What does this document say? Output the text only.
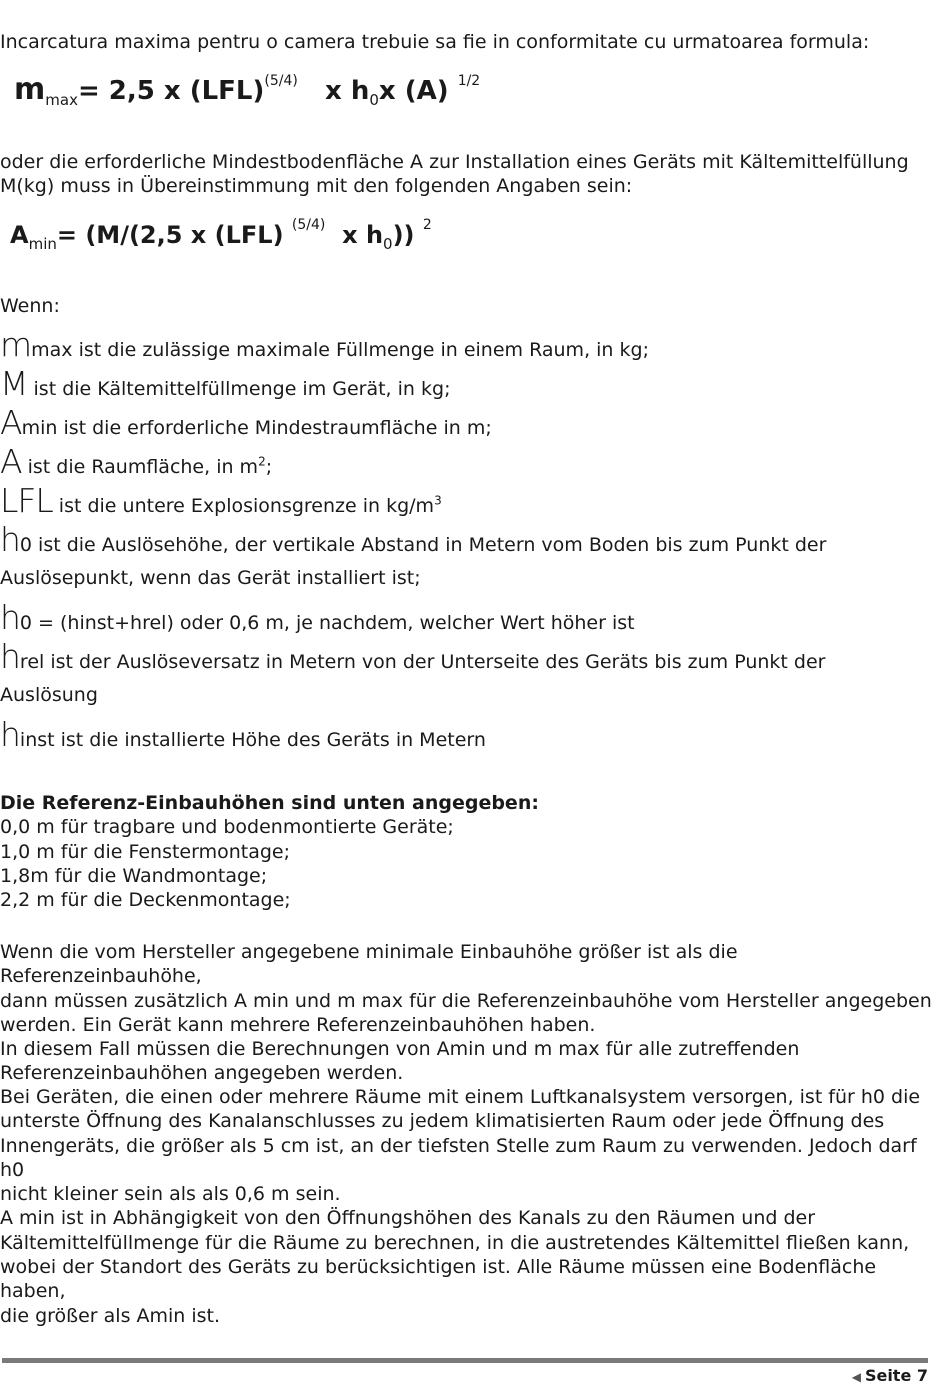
Incarcatura maxima pentru o camera trebuie sa fie in conformitate cu urmatoarea formula:
$m_{max}= 2,5$ x (LFL)$^{(5/4)}$ x $h_0x$ (A) $^{1/2}$
oder die erforderliche Mindestbodenfläche A zur Installation eines Geräts mit Kältemittelfüllung
M(kg) muss in Übereinstimmung mit den folgenden Angaben sein:
$A_{min}= (M/(2,5$ x (LFL) $^{(5/4)}$ x $h_0$)) $^2$
Wenn:
mmax ist die zulässige maximale Füllmenge in einem Raum, in kg;
M ist die Kältemittelfüllmenge im Gerät, in kg;
Amin ist die erforderliche Mindestraumfläche in m;
A ist die Raumfläche, in $m^2$;
LFL ist die untere Explosionsgrenze in $kg/m^3$
h0 ist die Auslösehöhe, der vertikale Abstand in Metern vom Boden bis zum Punkt der
Auslösepunkt, wenn das Gerät installiert ist;
h0 = (hinst+hrel) oder 0,6 m, je nachdem, welcher Wert höher ist
hrel ist der Auslöseversatz in Metern von der Unterseite des Geräts bis zum Punkt der
Auslösung
hinst ist die installierte Höhe des Geräts in Metern

Die Referenz-Einbauhöhen sind unten angegeben:

0,0 m für tragbare und bodenmontierte Geräte;

1,0 m für die Fenstermontage;

1,8m für die Wandmontage;

2,2 m für die Deckenmontage;

Wenn die vom Hersteller angegebene minimale Einbauhöhe größer ist als die Referenzeinbauhöhe,

dann müssen zusätzlich A min und m max für die Referenzeinbauhöhe vom Hersteller angegeben

werden. Ein Gerät kann mehrere Referenzeinbauhöhen haben.

In diesem Fall müssen die Berechnungen von Amin und m max für alle zutreffenden

Referenzeinbauhöhen angegeben werden.

Bei Geräten, die einen oder mehrere Räume mit einem Luftkanalsystem versorgen, ist für h0 die

unterste Öffnung des Kanalanschlusses zu jedem klimatisierten Raum oder jede Öffnung des

Innengeräts, die größer als 5 cm ist, an der tiefsten Stelle zum Raum zu verwenden. Jedoch darf h0

nicht kleiner sein als als 0,6 m sein.

A min ist in Abhängigkeit von den Öffnungshöhen des Kanals zu den Räumen und der

Kältemittelfüllmenge für die Räume zu berechnen, in die austretendes Kältemittel fließen kann,

wobei der Standort des Geräts zu berücksichtigen ist. Alle Räume müssen eine Bodenfläche haben,

die größer als Amin ist.

◀ Seite 7
